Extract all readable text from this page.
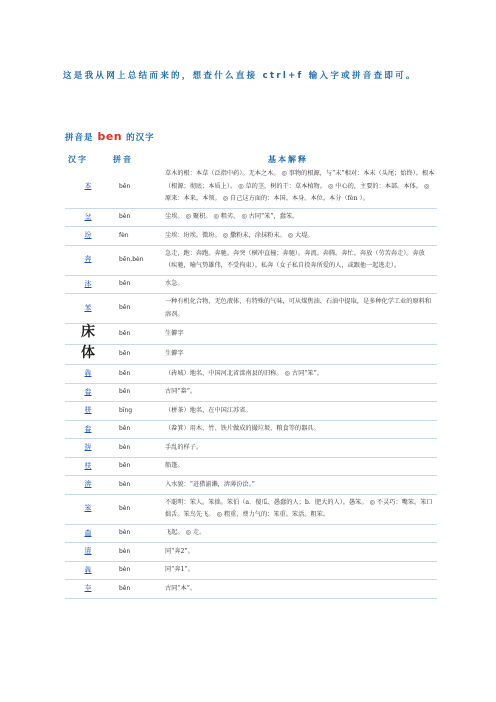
这是我从网上总结而来的，想查什么直接 ctrl+f 输入字或拼音查即可。
拼音是 ben 的汉字
汉字	拼音	基本解释
本	běn	草木的根：本草（泛指中药）。无本之木。 ◎ 事物的根源，与“末”相对：本末（头尾；始终）。根本（根源；彻底；本质上）。 ◎ 草的茎，树的干：草本植物。 ◎ 中心的，主要的：本部。本体。 ◎ 原来：本来。本领。 ◎ 自己这方面的：本国。本身。本位。本分（fèn ）。
坌	bèn	尘埃。 ◎ 聚积。 ◎ 粗劣。 ◎ 古同“笨”，蠢笨。
坋	fèn	尘埃：坋埃。微坋。 ◎ 撒粉末，涂抹粉末。 ◎ 大堤。
奔	bēn,bèn	急走，跑：奔跑。奔驰。奔突（横冲直撞；奔驰）。奔流。奔腾。奔忙。奔放（劳苦奔走）。奔放（疾驰，喻气势雄伟，不受拘束）。私奔（女子私自投奔所爱的人，或跟他一起逃走）。
泍	běn	水急。
苯	běn	一种有机化合物，无色液体，有特殊的气味，可从煤焦油、石油中提取，是多种化学工业的原料和溶剂。
床	běn	生僻字
体	běn	生僻字
犇	bēn	（犇城）地名，中国河北省滦南县的旧称。 ◎ 古同“笨”。
畚	běn	古同“畚”。
栟	bīng	（栟茶）地名，在中国江苏省。
畚	běn	（畚箕）用木、竹、铁片做成的撮垃圾、粮食等的器具。
拚	bèn	手乱的样子。
栚	běn	船篷。
渀	bèn	入水貌：“迸猎湔濑，渀薄汾浍。”
笨	bèn	不聪明：笨人。笨拙。笨伯（a．傻瓜、愚蠢的人；b．肥大的人）。愚笨。 ◎ 不灵巧：嘴笨。笨口拙舌。笨鸟先飞。 ◎ 粗重，费力气的：笨重。笨活。粗笨。
楍	bèn	飞起。 ◎ 走。
逩	bèn	同“奔2”。
犇	bèn	同“奔1”。
夲	běn	古同“本”。
